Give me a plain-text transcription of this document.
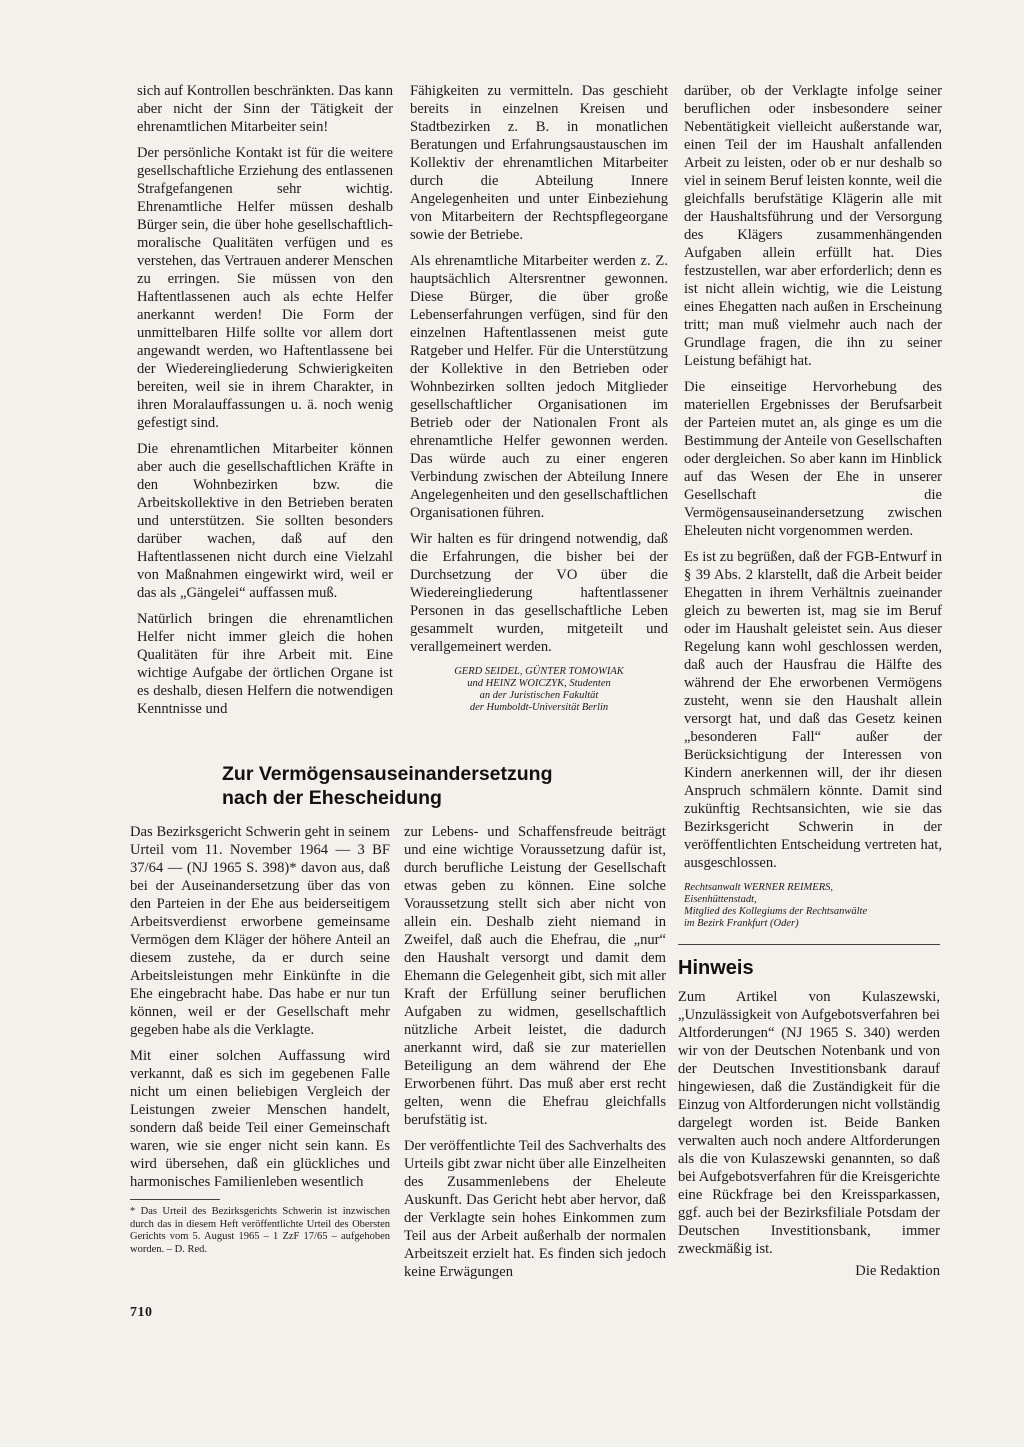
sich auf Kontrollen beschränkten. Das kann aber nicht der Sinn der Tätigkeit der ehrenamtlichen Mitarbeiter sein!

Der persönliche Kontakt ist für die weitere gesellschaftliche Erziehung des entlassenen Strafgefangenen sehr wichtig. Ehrenamtliche Helfer müssen deshalb Bürger sein, die über hohe gesellschaftlich-moralische Qualitäten verfügen und es verstehen, das Vertrauen anderer Menschen zu erringen. Sie müssen von den Haftentlassenen auch als echte Helfer anerkannt werden! Die Form der unmittelbaren Hilfe sollte vor allem dort angewandt werden, wo Haftentlassene bei der Wiedereingliederung Schwierigkeiten bereiten, weil sie in ihrem Charakter, in ihren Moralauffassungen u. ä. noch wenig gefestigt sind.

Die ehrenamtlichen Mitarbeiter können aber auch die gesellschaftlichen Kräfte in den Wohnbezirken bzw. die Arbeitskollektive in den Betrieben beraten und unterstützen. Sie sollten besonders darüber wachen, daß auf den Haftentlassenen nicht durch eine Vielzahl von Maßnahmen eingewirkt wird, weil er das als „Gängelei“ auffassen muß.

Natürlich bringen die ehrenamtlichen Helfer nicht immer gleich die hohen Qualitäten für ihre Arbeit mit. Eine wichtige Aufgabe der örtlichen Organe ist es deshalb, diesen Helfern die notwendigen Kenntnisse und

Fähigkeiten zu vermitteln. Das geschieht bereits in einzelnen Kreisen und Stadtbezirken z. B. in monatlichen Beratungen und Erfahrungsaustauschen im Kollektiv der ehrenamtlichen Mitarbeiter durch die Abteilung Innere Angelegenheiten und unter Einbeziehung von Mitarbeitern der Rechtspflegeorgane sowie der Betriebe.

Als ehrenamtliche Mitarbeiter werden z. Z. hauptsächlich Altersrentner gewonnen. Diese Bürger, die über große Lebenserfahrungen verfügen, sind für den einzelnen Haftentlassenen meist gute Ratgeber und Helfer. Für die Unterstützung der Kollektive in den Betrieben oder Wohnbezirken sollten jedoch Mitglieder gesellschaftlicher Organisationen im Betrieb oder der Nationalen Front als ehrenamtliche Helfer gewonnen werden. Das würde auch zu einer engeren Verbindung zwischen der Abteilung Innere Angelegenheiten und den gesellschaftlichen Organisationen führen.

Wir halten es für dringend notwendig, daß die Erfahrungen, die bisher bei der Durchsetzung der VO über die Wiedereingliederung haftentlassener Personen in das gesellschaftliche Leben gesammelt wurden, mitgeteilt und verallgemeinert werden.

GERD SEIDEL, GÜNTER TOMOWIAK
und HEINZ WOICZYK, Studenten
an der Juristischen Fakultät
der Humboldt-Universität Berlin

darüber, ob der Verklagte infolge seiner beruflichen oder insbesondere seiner Nebentätigkeit vielleicht außerstande war, einen Teil der im Haushalt anfallenden Arbeit zu leisten, oder ob er nur deshalb so viel in seinem Beruf leisten konnte, weil die gleichfalls berufstätige Klägerin alle mit der Haushaltsführung und der Versorgung des Klägers zusammenhängenden Aufgaben allein erfüllt hat. Dies festzustellen, war aber erforderlich; denn es ist nicht allein wichtig, wie die Leistung eines Ehegatten nach außen in Erscheinung tritt; man muß vielmehr auch nach der Grundlage fragen, die ihn zu seiner Leistung befähigt hat.

Die einseitige Hervorhebung des materiellen Ergebnisses der Berufsarbeit der Parteien mutet an, als ginge es um die Bestimmung der Anteile von Gesellschaften oder dergleichen. So aber kann im Hinblick auf das Wesen der Ehe in unserer Gesellschaft die Vermögensauseinandersetzung zwischen Eheleuten nicht vorgenommen werden.

Es ist zu begrüßen, daß der FGB-Entwurf in § 39 Abs. 2 klarstellt, daß die Arbeit beider Ehegatten in ihrem Verhältnis zueinander gleich zu bewerten ist, mag sie im Beruf oder im Haushalt geleistet sein. Aus dieser Regelung kann wohl geschlossen werden, daß auch der Hausfrau die Hälfte des während der Ehe erworbenen Vermögens zusteht, wenn sie den Haushalt allein versorgt hat, und daß das Gesetz keinen „besonderen Fall“ außer der Berücksichtigung der Interessen von Kindern anerkennen will, der ihr diesen Anspruch schmälern könnte. Damit sind zukünftig Rechtsansichten, wie sie das Bezirksgericht Schwerin in der veröffentlichten Entscheidung vertreten hat, ausgeschlossen.

Rechtsanwalt WERNER REIMERS,
Eisenhüttenstadt,
Mitglied des Kollegiums der Rechtsanwälte
im Bezirk Frankfurt (Oder)
Zur Vermögensauseinandersetzung
nach der Ehescheidung

Das Bezirksgericht Schwerin geht in seinem Urteil vom 11. November 1964 — 3 BF 37/64 — (NJ 1965 S. 398)* davon aus, daß bei der Auseinandersetzung über das von den Parteien in der Ehe aus beiderseitigem Arbeitsverdienst erworbene gemeinsame Vermögen dem Kläger der höhere Anteil an diesem zustehe, da er durch seine Arbeitsleistungen mehr Einkünfte in die Ehe eingebracht habe. Das habe er nur tun können, weil er der Gesellschaft mehr gegeben habe als die Verklagte.

Mit einer solchen Auffassung wird verkannt, daß es sich im gegebenen Falle nicht um einen beliebigen Vergleich der Leistungen zweier Menschen handelt, sondern daß beide Teil einer Gemeinschaft waren, wie sie enger nicht sein kann. Es wird übersehen, daß ein glückliches und harmonisches Familienleben wesentlich

* Das Urteil des Bezirksgerichts Schwerin ist inzwischen durch das in diesem Heft veröffentlichte Urteil des Obersten Gerichts vom 5. August 1965 – 1 ZzF 17/65 – aufgehoben worden. – D. Red.

zur Lebens- und Schaffensfreude beiträgt und eine wichtige Voraussetzung dafür ist, durch berufliche Leistung der Gesellschaft etwas geben zu können. Eine solche Voraussetzung stellt sich aber nicht von allein ein. Deshalb zieht niemand in Zweifel, daß auch die Ehefrau, die „nur“ den Haushalt versorgt und damit dem Ehemann die Gelegenheit gibt, sich mit aller Kraft der Erfüllung seiner beruflichen Aufgaben zu widmen, gesellschaftlich nützliche Arbeit leistet, die dadurch anerkannt wird, daß sie zur materiellen Beteiligung an dem während der Ehe Erworbenen führt. Das muß aber erst recht gelten, wenn die Ehefrau gleichfalls berufstätig ist.

Der veröffentlichte Teil des Sachverhalts des Urteils gibt zwar nicht über alle Einzelheiten des Zusammenlebens der Eheleute Auskunft. Das Gericht hebt aber hervor, daß der Verklagte sein hohes Einkommen zum Teil aus der Arbeit außerhalb der normalen Arbeitszeit erzielt hat. Es finden sich jedoch keine Erwägungen

Hinweis

Zum Artikel von Kulaszewski, „Unzulässigkeit von Aufgebotsverfahren bei Altforderungen“ (NJ 1965 S. 340) werden wir von der Deutschen Notenbank und von der Deutschen Investitionsbank darauf hingewiesen, daß die Zuständigkeit für die Einzug von Altforderungen nicht vollständig dargelegt worden ist. Beide Banken verwalten auch noch andere Altforderungen als die von Kulaszewski genannten, so daß bei Aufgebotsverfahren für die Kreisgerichte eine Rückfrage bei den Kreissparkassen, ggf. auch bei der Bezirksfiliale Potsdam der Deutschen Investitionsbank, immer zweckmäßig ist.

Die Redaktion

710
